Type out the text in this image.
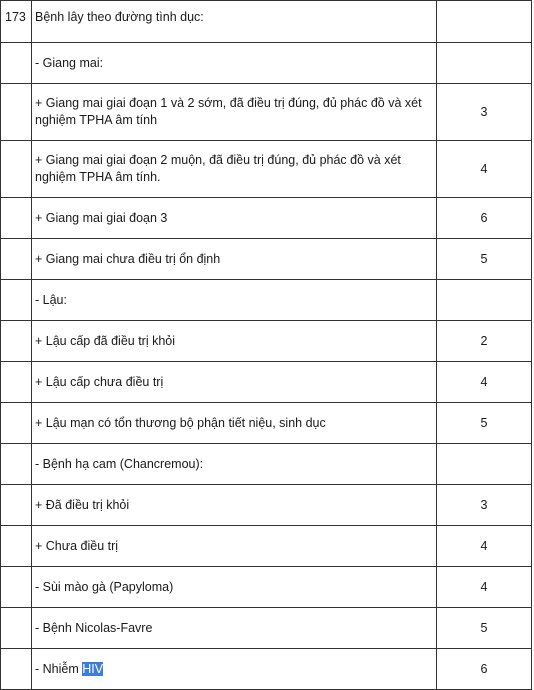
173	Bệnh lây theo đường tình dục:	
	- Giang mai:	
	+ Giang mai giai đoạn 1 và 2 sớm, đã điều trị đúng, đủ phác đồ và xét nghiệm TPHA âm tính	3
	+ Giang mai giai đoạn 2 muộn, đã điều trị đúng, đủ phác đồ và xét nghiệm TPHA âm tính.	4
	+ Giang mai giai đoạn 3	6
	+ Giang mai chưa điều trị ổn định	5
	- Lậu:	
	+ Lậu cấp đã điều trị khỏi	2
	+ Lậu cấp chưa điều trị	4
	+ Lậu mạn có tổn thương bộ phận tiết niệu, sinh dục	5
	- Bệnh hạ cam (Chancremou):	
	+ Đã điều trị khỏi	3
	+ Chưa điều trị	4
	- Sùi mào gà (Papyloma)	4
	- Bệnh Nicolas-Favre	5
	- Nhiễm HIV	6
